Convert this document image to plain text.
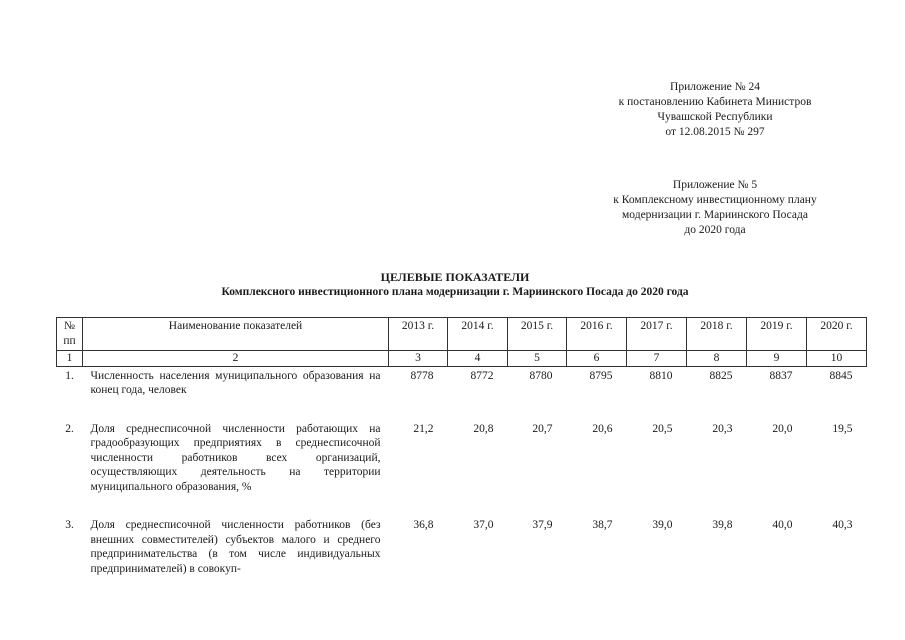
Приложение № 24
к постановлению Кабинета Министров
Чувашской Республики
от 12.08.2015 № 297
Приложение № 5
к Комплексному инвестиционному плану
модернизации г. Мариинского Посада
до 2020 года
ЦЕЛЕВЫЕ ПОКАЗАТЕЛИ
Комплексного инвестиционного плана модернизации г. Мариинского Посада до 2020 года
№ пп	Наименование показателей	2013 г.	2014 г.	2015 г.	2016 г.	2017 г.	2018 г.	2019 г.	2020 г.
1	2	3	4	5	6	7	8	9	10
1.	Численность населения муниципального образования на конец года, человек	8778	8772	8780	8795	8810	8825	8837	8845

2.	Доля среднесписочной численности работающих на градообразующих предприятиях в среднесписочной численности работников всех организаций, осуществляющих деятельность на территории муниципального образования, %	21,2	20,8	20,7	20,6	20,5	20,3	20,0	19,5

3.	Доля среднесписочной численности работников (без внешних совместителей) субъектов малого и среднего предпринимательства (в том числе индивидуальных предпринимателей) в совокуп-	36,8	37,0	37,9	38,7	39,0	39,8	40,0	40,3
